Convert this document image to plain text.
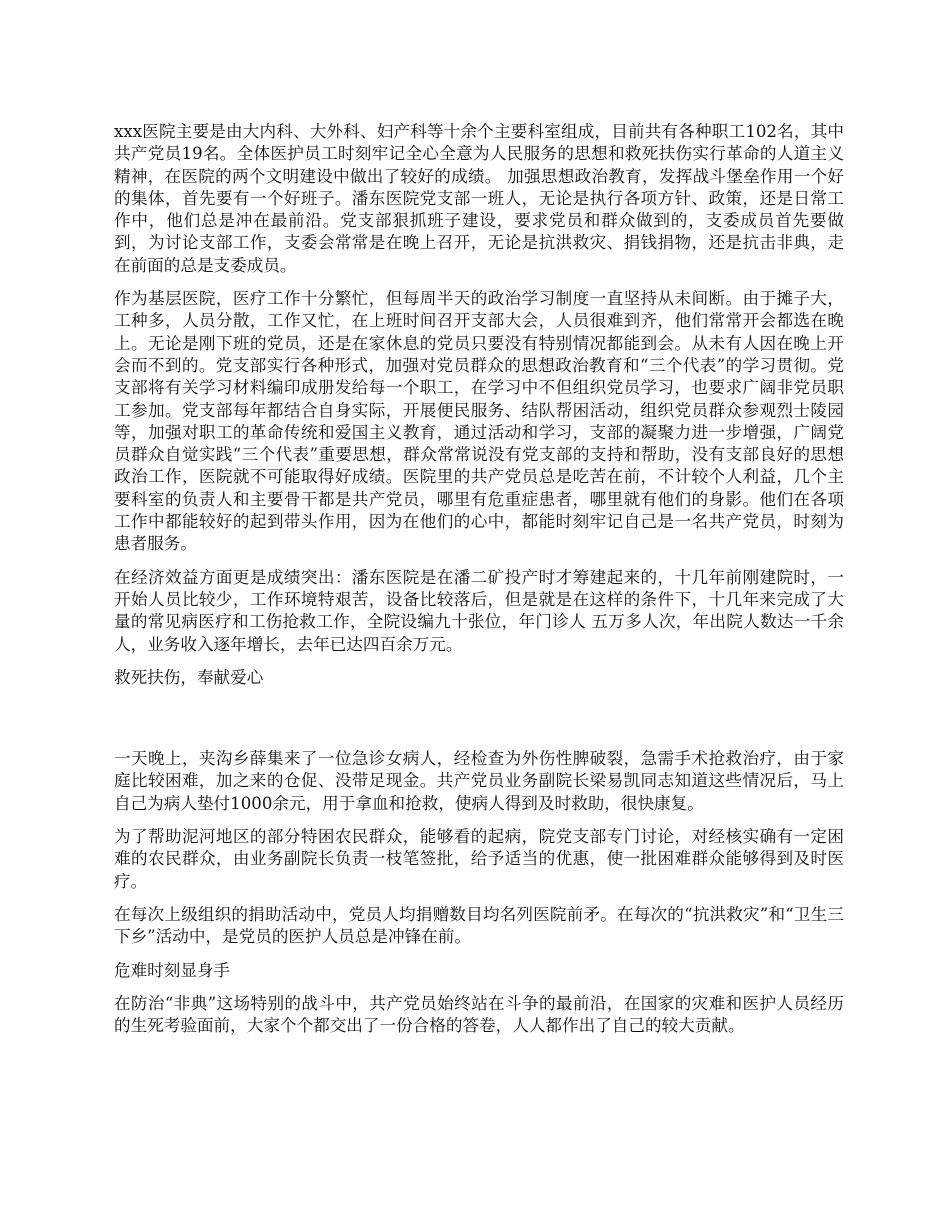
xxx医院主要是由大内科、大外科、妇产科等十余个主要科室组成，目前共有各种职工102名，其中共产党员19名。全体医护员工时刻牢记全心全意为人民服务的思想和救死扶伤实行革命的人道主义精神，在医院的两个文明建设中做出了较好的成绩。 加强思想政治教育，发挥战斗堡垒作用一个好的集体，首先要有一个好班子。潘东医院党支部一班人，无论是执行各项方针、政策，还是日常工作中，他们总是冲在最前沿。党支部狠抓班子建设，要求党员和群众做到的，支委成员首先要做到，为讨论支部工作，支委会常常是在晚上召开，无论是抗洪救灾、捐钱捐物，还是抗击非典，走在前面的总是支委成员。

作为基层医院，医疗工作十分繁忙，但每周半天的政治学习制度一直坚持从未间断。由于摊子大，工种多，人员分散，工作又忙，在上班时间召开支部大会，人员很难到齐，他们常常开会都选在晚上。无论是刚下班的党员，还是在家休息的党员只要没有特别情况都能到会。从未有人因在晚上开会而不到的。党支部实行各种形式，加强对党员群众的思想政治教育和“三个代表”的学习贯彻。党支部将有关学习材料编印成册发给每一个职工，在学习中不但组织党员学习，也要求广阔非党员职工参加。党支部每年都结合自身实际，开展便民服务、结队帮困活动，组织党员群众参观烈士陵园等，加强对职工的革命传统和爱国主义教育，通过活动和学习，支部的凝聚力进一步增强，广阔党员群众自觉实践“三个代表”重要思想，群众常常说没有党支部的支持和帮助，没有支部良好的思想政治工作，医院就不可能取得好成绩。医院里的共产党员总是吃苦在前，不计较个人利益，几个主要科室的负责人和主要骨干都是共产党员，哪里有危重症患者，哪里就有他们的身影。他们在各项工作中都能较好的起到带头作用，因为在他们的心中，都能时刻牢记自己是一名共产党员，时刻为患者服务。

在经济效益方面更是成绩突出：潘东医院是在潘二矿投产时才筹建起来的，十几年前刚建院时，一开始人员比较少，工作环境特艰苦，设备比较落后，但是就是在这样的条件下，十几年来完成了大量的常见病医疗和工伤抢救工作，全院设编九十张位，年门诊人 五万多人次，年出院人数达一千余人，业务收入逐年增长，去年已达四百余万元。

救死扶伤，奉献爱心

一天晚上，夹沟乡薛集来了一位急诊女病人，经检查为外伤性脾破裂，急需手术抢救治疗，由于家庭比较困难，加之来的仓促、没带足现金。共产党员业务副院长梁易凯同志知道这些情况后，马上自己为病人垫付1000余元，用于拿血和抢救，使病人得到及时救助，很快康复。

为了帮助泥河地区的部分特困农民群众，能够看的起病，院党支部专门讨论，对经核实确有一定困难的农民群众，由业务副院长负责一枝笔签批，给予适当的优惠，使一批困难群众能够得到及时医疗。

在每次上级组织的捐助活动中，党员人均捐赠数目均名列医院前矛。在每次的“抗洪救灾”和“卫生三下乡”活动中，是党员的医护人员总是冲锋在前。

危难时刻显身手

在防治“非典”这场特别的战斗中，共产党员始终站在斗争的最前沿，在国家的灾难和医护人员经历的生死考验面前，大家个个都交出了一份合格的答卷，人人都作出了自己的较大贡献。
